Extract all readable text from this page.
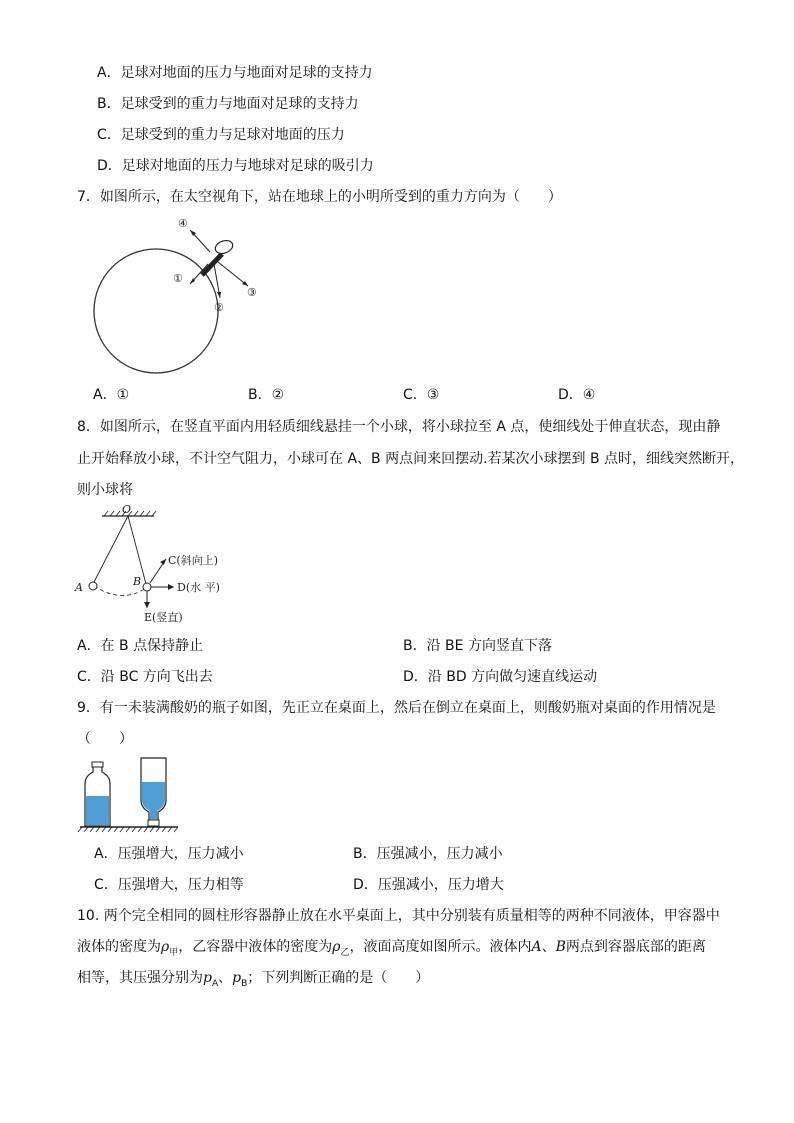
A．足球对地面的压力与地面对足球的支持力
B．足球受到的重力与地面对足球的支持力
C．足球受到的重力与足球对地面的压力
D．足球对地面的压力与地球对足球的吸引力
7．如图所示，在太空视角下，站在地球上的小明所受到的重力方向为（　　）
④
①
②
③
A．①	B．②	C．③	D．④
8．如图所示，在竖直平面内用轻质细线悬挂一个小球，将小球拉至 A 点，使细线处于伸直状态，现由静
止开始释放小球，不计空气阻力，小球可在 A、B 两点间来回摆动.若某次小球摆到 B 点时，细线突然断开，
则小球将
O
A	B
C(斜向上)
D(水 平)
E(竖直)
A．在 B 点保持静止	B．沿 BE 方向竖直下落
C．沿 BC 方向飞出去	D．沿 BD 方向做匀速直线运动
9．有一未装满酸奶的瓶子如图，先正立在桌面上，然后在倒立在桌面上，则酸奶瓶对桌面的作用情况是
（　　）
A．压强增大，压力减小	B．压强减小，压力减小
C．压强增大，压力相等	D．压强减小，压力增大
10. 两个完全相同的圆柱形容器静止放在水平桌面上，其中分别装有质量相等的两种不同液体，甲容器中
液体的密度为$\rho_甲$，乙容器中液体的密度为$\rho_乙$，液面高度如图所示。液体内A、B两点到容器底部的距离
相等，其压强分别为$p_A$、$p_B$；下列判断正确的是（　　）
